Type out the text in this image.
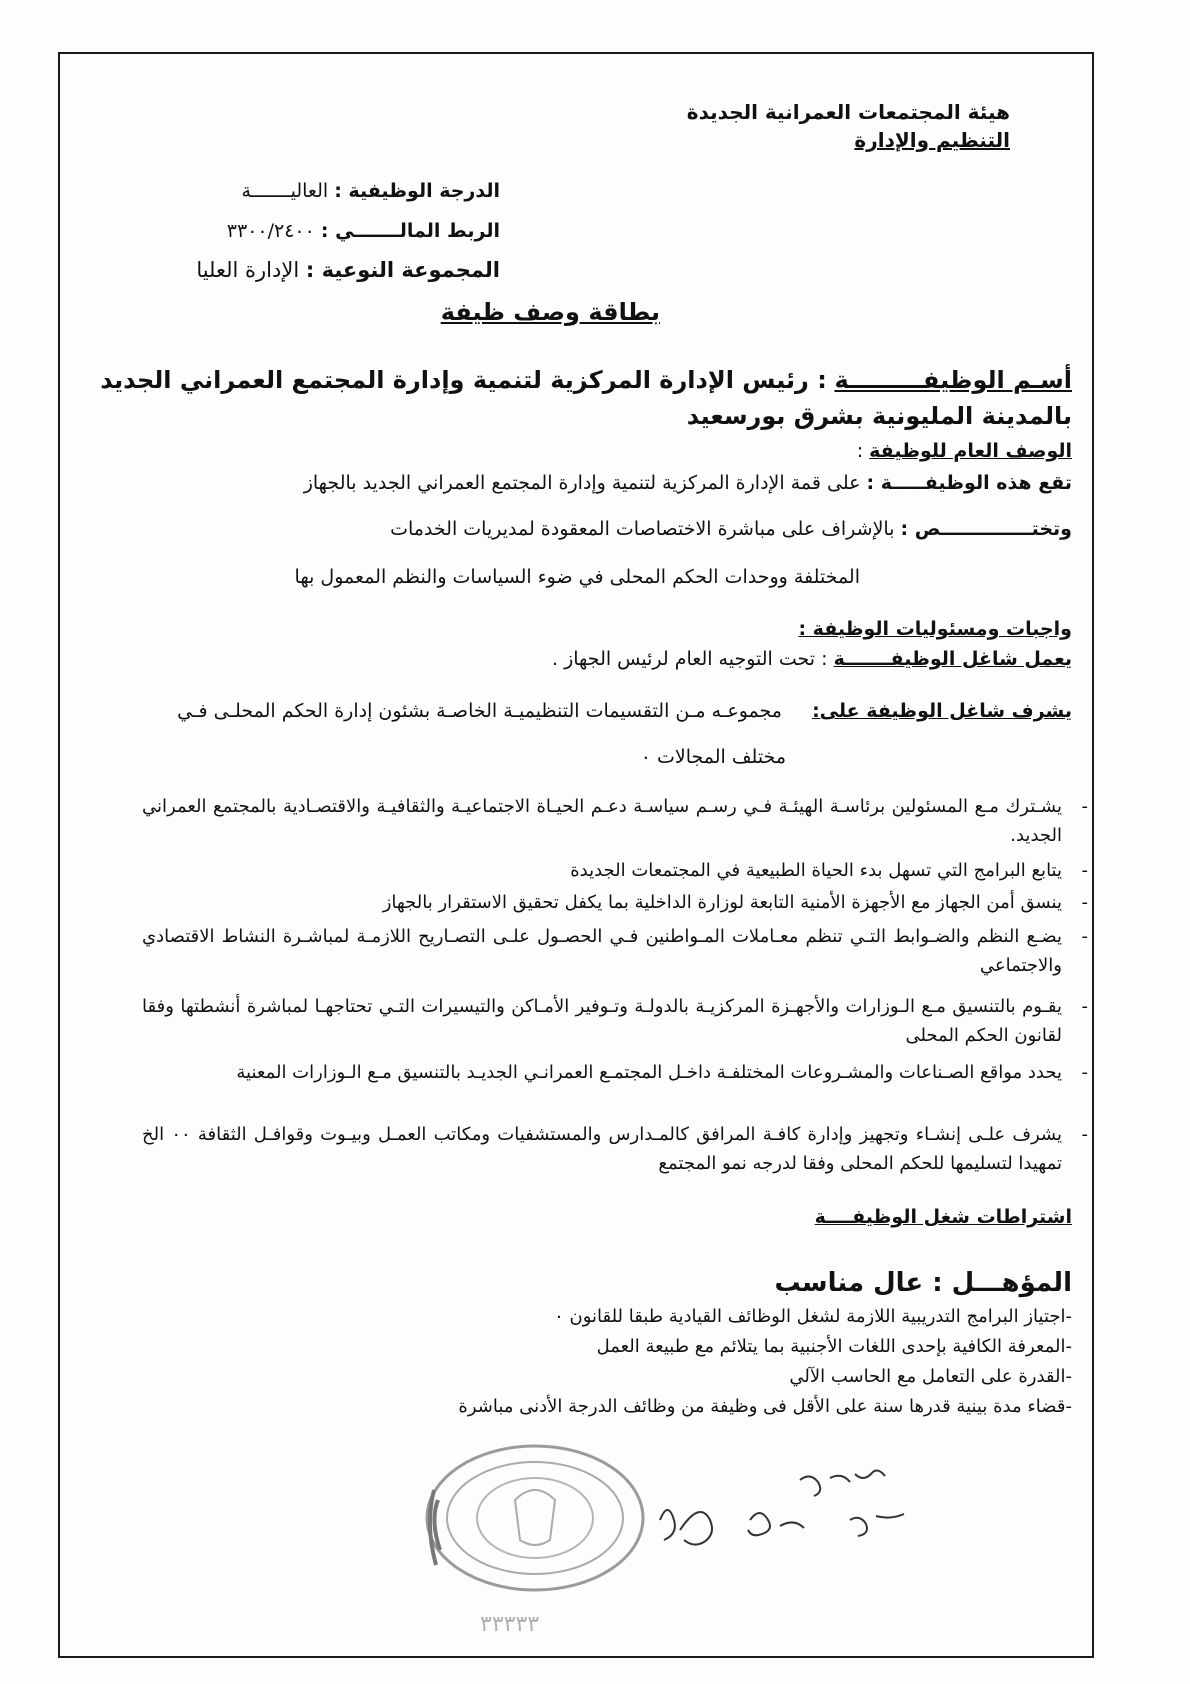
هيئة المجتمعات العمرانية الجديدة
التنظيم والإدارة
الدرجة الوظيفية : العاليـــــــة
الربط المالـــــــي : ٣٣٠٠/٢٤٠٠
المجموعة النوعية : الإدارة العليا
بطاقة وصف ظيفة
أسـم الوظيفـــــــــة : رئيس الإدارة المركزية لتنمية وإدارة المجتمع العمراني الجديد
بالمدينة المليونية بشرق بورسعيد
الوصف العام للوظيفة :
تقع هذه الوظيفـــــة : على قمة الإدارة المركزية لتنمية وإدارة المجتمع العمراني الجديد بالجهاز
وتختــــــــــــــص : بالإشراف على مباشرة الاختصاصات المعقودة لمديريات الخدمات
المختلفة ووحدات الحكم المحلى في ضوء السياسات والنظم المعمول بها
واجبات ومسئوليات الوظيفة :
يعمل شاغل الوظيفـــــــة : تحت التوجيه العام لرئيس الجهاز .
يشرف شاغل الوظيفة على:  مجموعـه مـن التقسيمات التنظيميـة الخاصـة بشئون إدارة الحكم المحلـى فـي
مختلف المجالات ٠
-
يشـترك مـع المسئولين برئاسـة الهيئـة فـي رسـم سياسـة دعـم الحيـاة الاجتماعيـة والثقافيـة والاقتصـادية بالمجتمع العمراني الجديد.
-
يتابع البرامج التي تسهل بدء الحياة الطبيعية في المجتمعات الجديدة
-
ينسق أمن الجهاز مع الأجهزة الأمنية التابعة لوزارة الداخلية بما يكفل تحقيق الاستقرار بالجهاز
-
يضـع النظم والضـوابط التـي تنظم معـاملات المـواطنين فـي الحصـول علـى التصـاريح اللازمـة لمباشـرة النشاط الاقتصادي والاجتماعي
-
يقـوم بالتنسيق مـع الـوزارات والأجهـزة المركزيـة بالدولـة وتـوفير الأمـاكن والتيسيرات التـي تحتاجهـا لمباشرة أنشطتها وفقا لقانون الحكم المحلى
-
يحدد مواقع الصـناعات والمشـروعات المختلفـة داخـل المجتمـع العمرانـي الجديـد بالتنسيق مـع الـوزارات المعنية
-
يشرف علـى إنشـاء وتجهيز وإدارة كافـة المرافق كالمـدارس والمستشفيات ومكاتب العمـل وبيـوت وقوافـل الثقافة ٠٠ الخ تمهيدا لتسليمها للحكم المحلى وفقا لدرجه نمو المجتمع
اشتراطات شغل الوظيفــــة
المؤهـــل : عال مناسب
-اجتياز البرامج التدريبية اللازمة لشغل الوظائف القيادية طبقا للقانون ٠
-المعرفة الكافية بإحدى اللغات الأجنبية بما يتلائم مع طبيعة العمل
-القدرة على التعامل مع الحاسب الآلي
-قضاء مدة بينية قدرها سنة على الأقل فى وظيفة من وظائف الدرجة الأدنى مباشرة
٣٣٣٣٣
